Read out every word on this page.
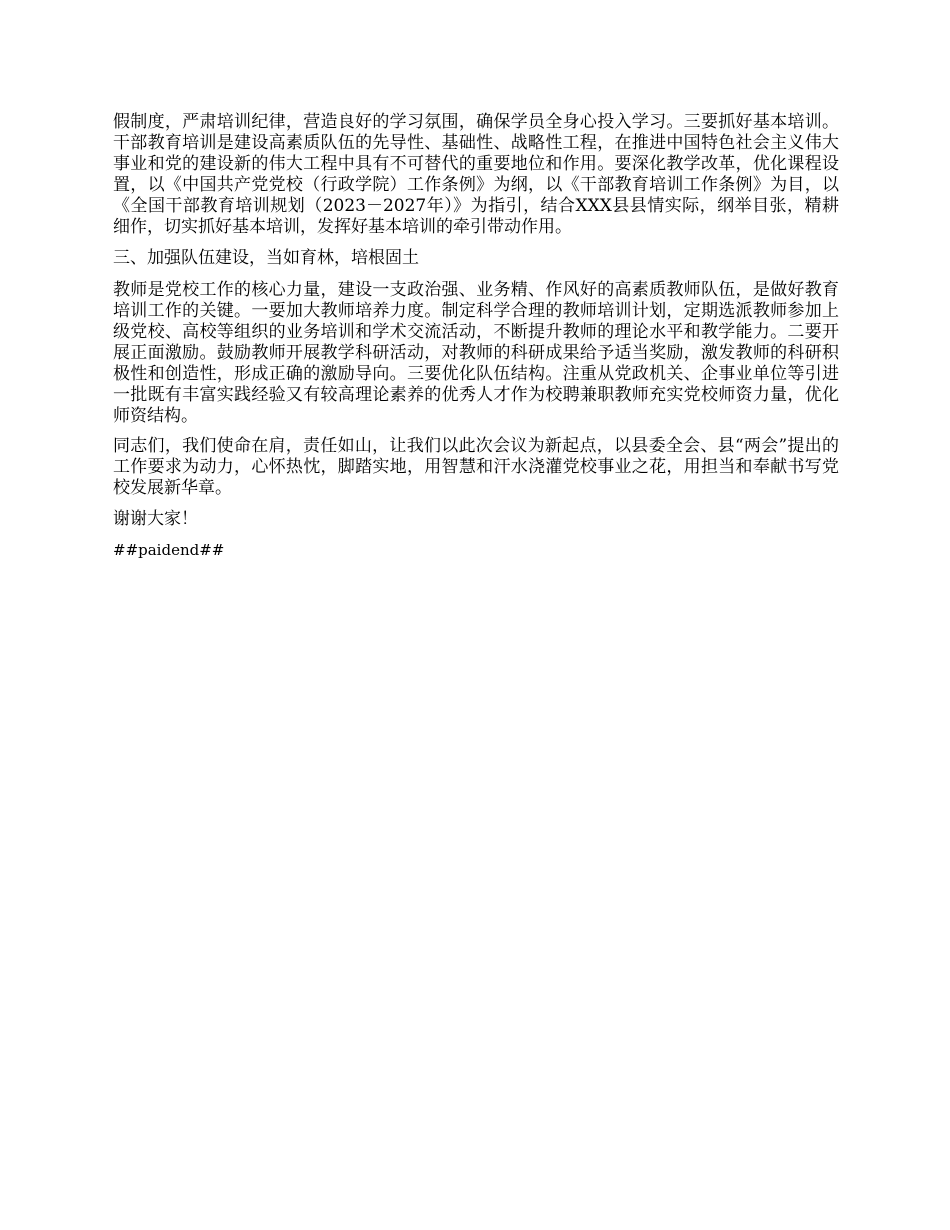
假制度，严肃培训纪律，营造良好的学习氛围，确保学员全身心投入学习。三要抓好基本培训。干部教育培训是建设高素质队伍的先导性、基础性、战略性工程，在推进中国特色社会主义伟大事业和党的建设新的伟大工程中具有不可替代的重要地位和作用。要深化教学改革，优化课程设置，以《中国共产党党校（行政学院）工作条例》为纲，以《干部教育培训工作条例》为目，以《全国干部教育培训规划（2023－2027年）》为指引，结合XXX县县情实际，纲举目张，精耕细作，切实抓好基本培训，发挥好基本培训的牵引带动作用。

三、加强队伍建设，当如育林，培根固土

教师是党校工作的核心力量，建设一支政治强、业务精、作风好的高素质教师队伍，是做好教育培训工作的关键。一要加大教师培养力度。制定科学合理的教师培训计划，定期选派教师参加上级党校、高校等组织的业务培训和学术交流活动，不断提升教师的理论水平和教学能力。二要开展正面激励。鼓励教师开展教学科研活动，对教师的科研成果给予适当奖励，激发教师的科研积极性和创造性，形成正确的激励导向。三要优化队伍结构。注重从党政机关、企事业单位等引进一批既有丰富实践经验又有较高理论素养的优秀人才作为校聘兼职教师充实党校师资力量，优化师资结构。

同志们，我们使命在肩，责任如山，让我们以此次会议为新起点，以县委全会、县“两会”提出的工作要求为动力，心怀热忱，脚踏实地，用智慧和汗水浇灌党校事业之花，用担当和奉献书写党校发展新华章。

谢谢大家！

##paidend##
